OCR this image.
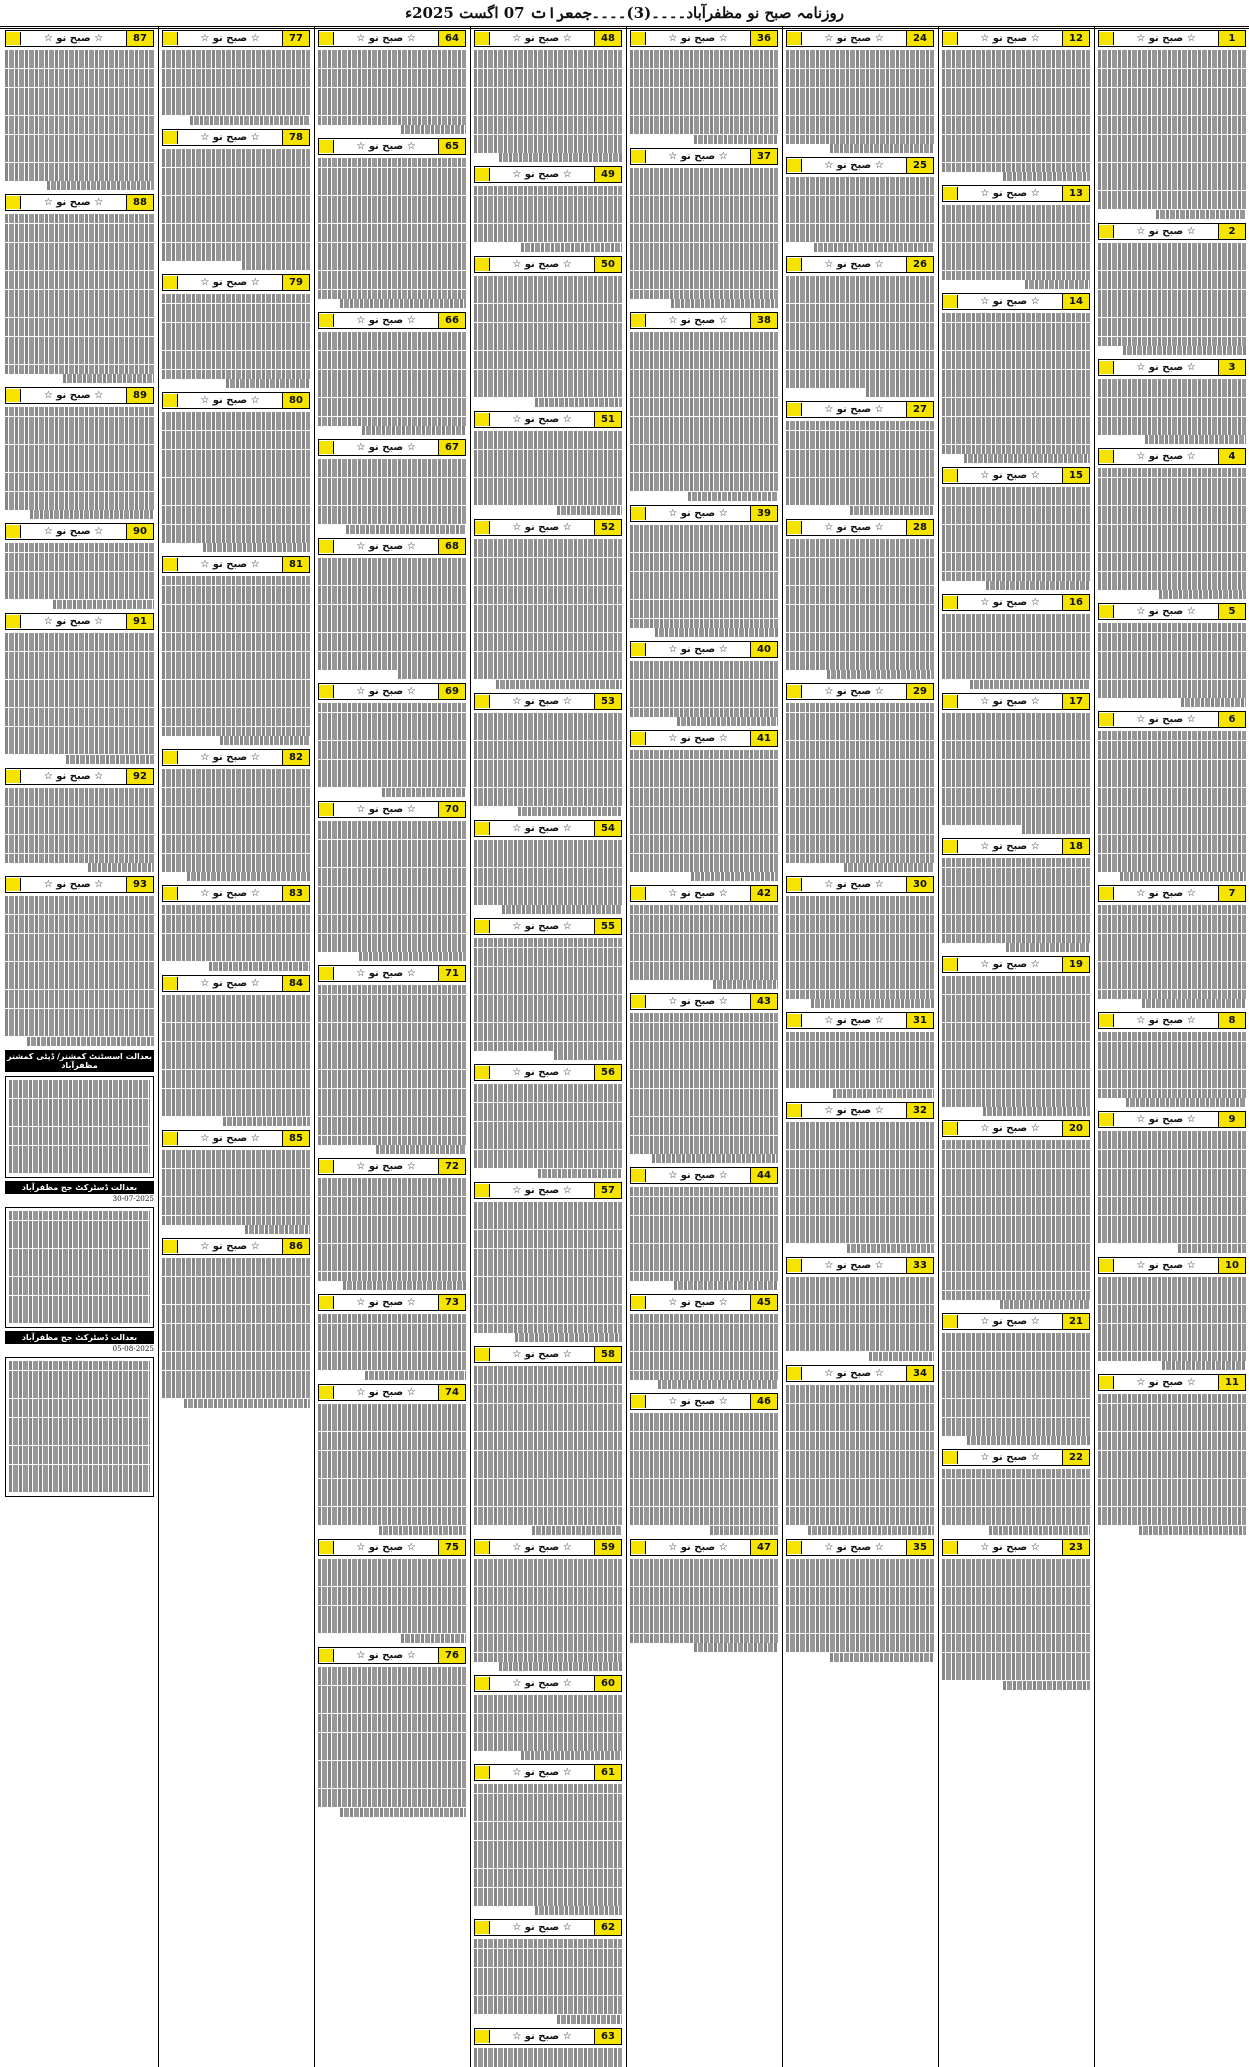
روزنامہ صبح نو مظفرآباد۔۔۔۔(3)۔۔۔۔جمعرات 07 اگست 2025ء
1
☆ صبح نو ☆
2
☆ صبح نو ☆
3
☆ صبح نو ☆
4
☆ صبح نو ☆
5
☆ صبح نو ☆
6
☆ صبح نو ☆
7
☆ صبح نو ☆
8
☆ صبح نو ☆
9
☆ صبح نو ☆
10
☆ صبح نو ☆
11
☆ صبح نو ☆
12
☆ صبح نو ☆
13
☆ صبح نو ☆
14
☆ صبح نو ☆
15
☆ صبح نو ☆
16
☆ صبح نو ☆
17
☆ صبح نو ☆
18
☆ صبح نو ☆
19
☆ صبح نو ☆
20
☆ صبح نو ☆
21
☆ صبح نو ☆
22
☆ صبح نو ☆
23
☆ صبح نو ☆
24
☆ صبح نو ☆
25
☆ صبح نو ☆
26
☆ صبح نو ☆
27
☆ صبح نو ☆
28
☆ صبح نو ☆
29
☆ صبح نو ☆
30
☆ صبح نو ☆
31
☆ صبح نو ☆
32
☆ صبح نو ☆
33
☆ صبح نو ☆
34
☆ صبح نو ☆
35
☆ صبح نو ☆
36
☆ صبح نو ☆
37
☆ صبح نو ☆
38
☆ صبح نو ☆
39
☆ صبح نو ☆
40
☆ صبح نو ☆
41
☆ صبح نو ☆
42
☆ صبح نو ☆
43
☆ صبح نو ☆
44
☆ صبح نو ☆
45
☆ صبح نو ☆
46
☆ صبح نو ☆
47
☆ صبح نو ☆
48
☆ صبح نو ☆
49
☆ صبح نو ☆
50
☆ صبح نو ☆
51
☆ صبح نو ☆
52
☆ صبح نو ☆
53
☆ صبح نو ☆
54
☆ صبح نو ☆
55
☆ صبح نو ☆
56
☆ صبح نو ☆
57
☆ صبح نو ☆
58
☆ صبح نو ☆
59
☆ صبح نو ☆
60
☆ صبح نو ☆
61
☆ صبح نو ☆
62
☆ صبح نو ☆
63
☆ صبح نو ☆
64
☆ صبح نو ☆
65
☆ صبح نو ☆
66
☆ صبح نو ☆
67
☆ صبح نو ☆
68
☆ صبح نو ☆
69
☆ صبح نو ☆
70
☆ صبح نو ☆
71
☆ صبح نو ☆
72
☆ صبح نو ☆
73
☆ صبح نو ☆
74
☆ صبح نو ☆
75
☆ صبح نو ☆
76
☆ صبح نو ☆
77
☆ صبح نو ☆
78
☆ صبح نو ☆
79
☆ صبح نو ☆
80
☆ صبح نو ☆
81
☆ صبح نو ☆
82
☆ صبح نو ☆
83
☆ صبح نو ☆
84
☆ صبح نو ☆
85
☆ صبح نو ☆
86
☆ صبح نو ☆
87
☆ صبح نو ☆
88
☆ صبح نو ☆
89
☆ صبح نو ☆
90
☆ صبح نو ☆
91
☆ صبح نو ☆
92
☆ صبح نو ☆
93
☆ صبح نو ☆
بعدالت اسسٹنٹ کمشنر/ ڈپٹی کمشنر مظفرآباد
بعدالت ڈسٹرکٹ جج مظفرآباد
30-07-2025
بعدالت ڈسٹرکٹ جج مظفرآباد
05-08-2025
